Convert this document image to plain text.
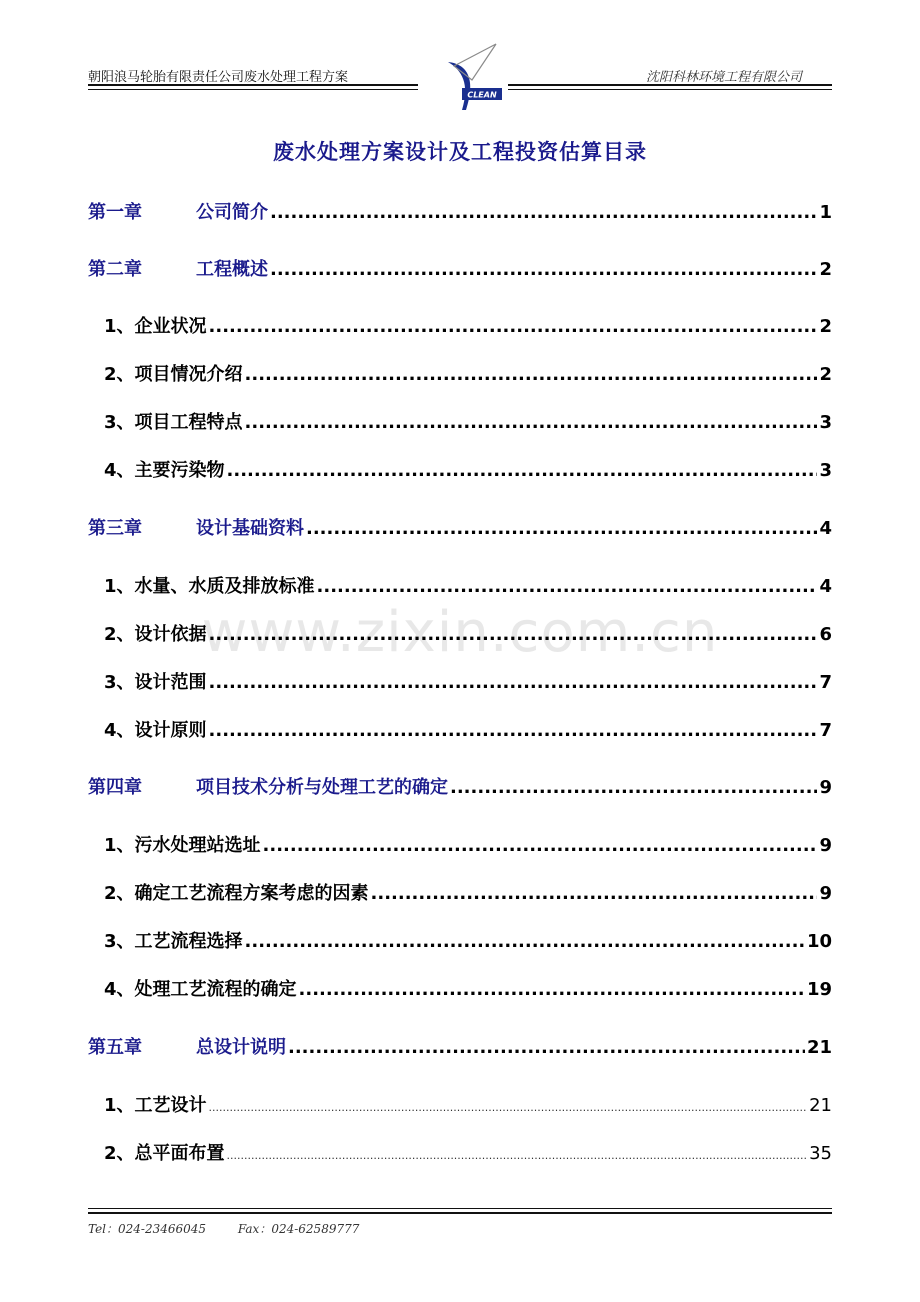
朝阳浪马轮胎有限责任公司废水处理工程方案	沈阳科林环境工程有限公司
CLEAN
废水处理方案设计及工程投资估算目录
www.zixin.com.cn
第一章	公司简介 .....	1
第二章	工程概述 .....	2
1、企业状况 .....	2
2、项目情况介绍 .....	2
3、项目工程特点 .....	3
4、主要污染物 .....	3
第三章	设计基础资料 .....	4
1、水量、水质及排放标准 .....	4
2、设计依据 .....	6
3、设计范围 .....	7
4、设计原则 .....	7
第四章	项目技术分析与处理工艺的确定 .....	9
1、污水处理站选址 .....	9
2、确定工艺流程方案考虑的因素 .....	9
3、工艺流程选择 .....	10
4、处理工艺流程的确定 .....	19
第五章	总设计说明 .....	21
1、工艺设计 .....	21
2、总平面布置 .....	35
Tel：024-23466045	Fax：024-62589777
